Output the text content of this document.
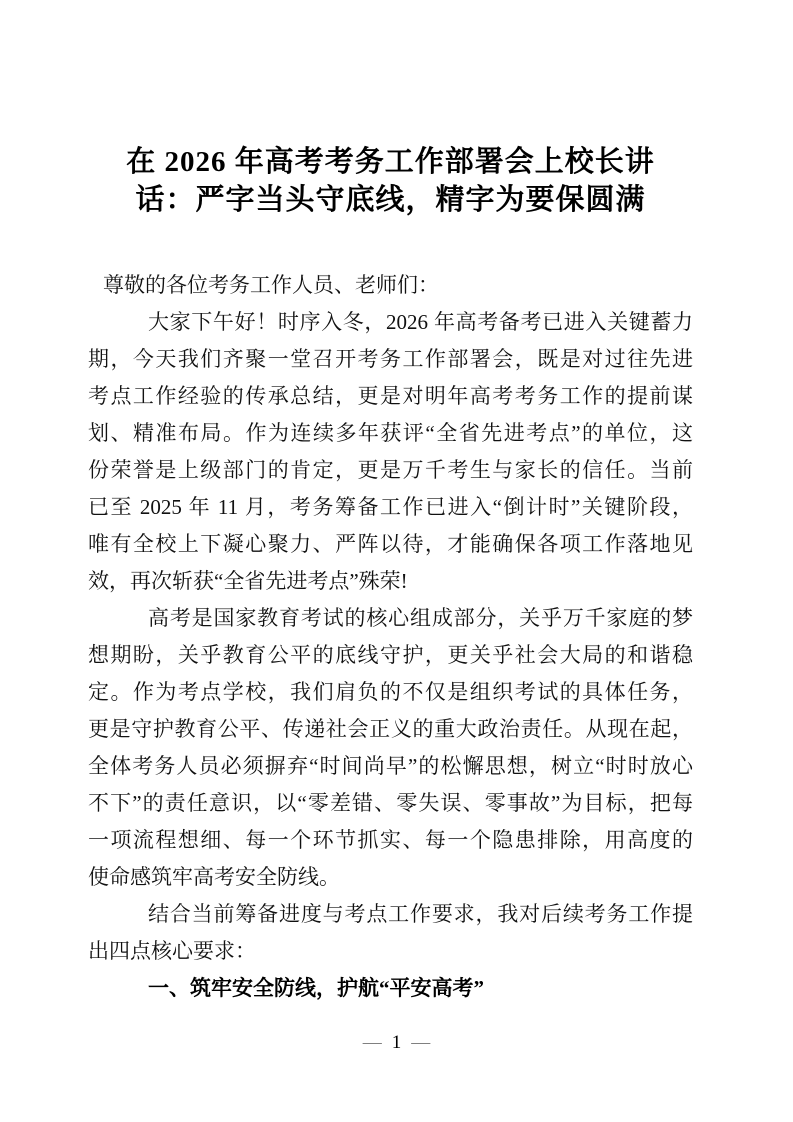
在 2026 年高考考务工作部署会上校长讲
话：严字当头守底线，精字为要保圆满
尊敬的各位考务工作人员、老师们：
大家下午好！时序入冬，2026 年高考备考已进入关键蓄力
期，今天我们齐聚一堂召开考务工作部署会，既是对过往先进
考点工作经验的传承总结，更是对明年高考考务工作的提前谋
划、精准布局。作为连续多年获评“全省先进考点”的单位，这
份荣誉是上级部门的肯定，更是万千考生与家长的信任。当前
已至 2025 年 11 月，考务筹备工作已进入“倒计时”关键阶段，
唯有全校上下凝心聚力、严阵以待，才能确保各项工作落地见
效，再次斩获“全省先进考点”殊荣!
高考是国家教育考试的核心组成部分，关乎万千家庭的梦
想期盼，关乎教育公平的底线守护，更关乎社会大局的和谐稳
定。作为考点学校，我们肩负的不仅是组织考试的具体任务，
更是守护教育公平、传递社会正义的重大政治责任。从现在起，
全体考务人员必须摒弃“时间尚早”的松懈思想，树立“时时放心
不下”的责任意识，以“零差错、零失误、零事故”为目标，把每
一项流程想细、每一个环节抓实、每一个隐患排除，用高度的
使命感筑牢高考安全防线。
结合当前筹备进度与考点工作要求，我对后续考务工作提
出四点核心要求：
一、筑牢安全防线，护航“平安高考”
— 1 —
